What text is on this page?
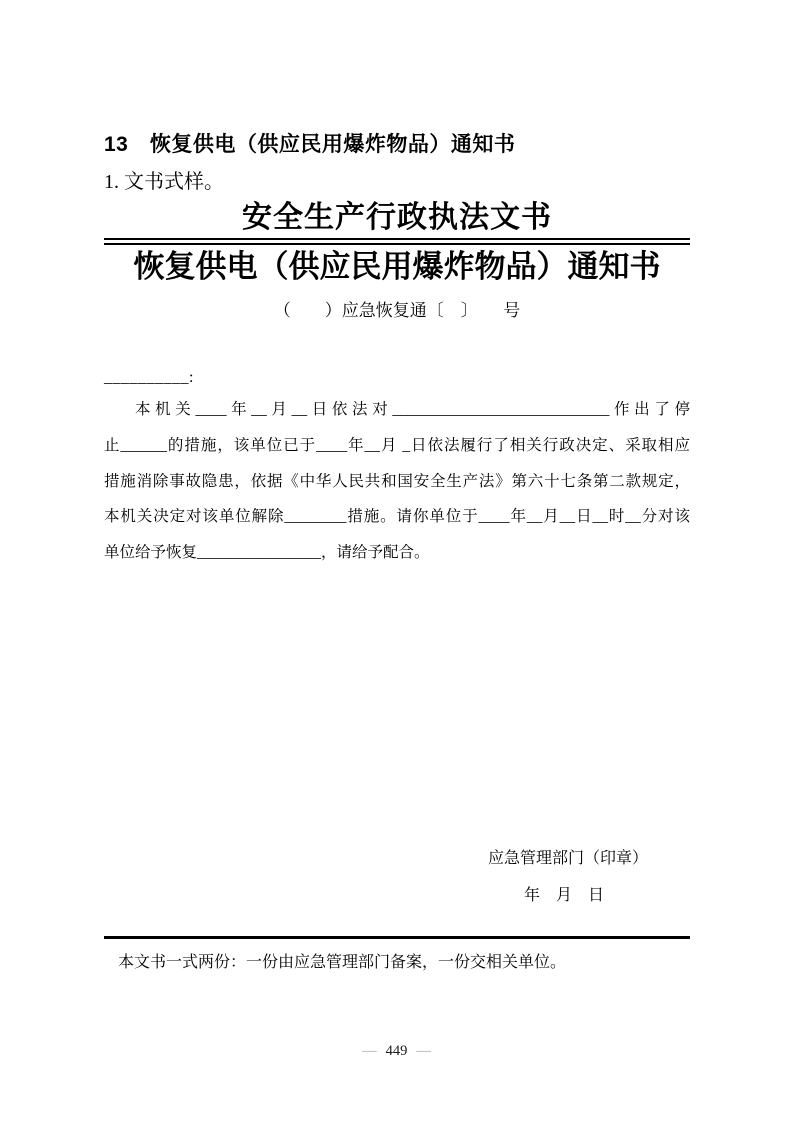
13　恢复供电（供应民用爆炸物品）通知书
1. 文书式样。
安全生产行政执法文书
恢复供电（供应民用爆炸物品）通知书
（　　）应急恢复通〔　〕　　号
__________:
本机关____年__月__日依法对____________________________作出了停
止______的措施，该单位已于____年__月 _日依法履行了相关行政决定、采取相应
措施消除事故隐患，依据《中华人民共和国安全生产法》第六十七条第二款规定，
本机关决定对该单位解除________措施。请你单位于____年__月__日__时__分对该
单位给予恢复________________，请给予配合。
应急管理部门（印章）
年　月　日
本文书一式两份：一份由应急管理部门备案，一份交相关单位。
— 449 —
